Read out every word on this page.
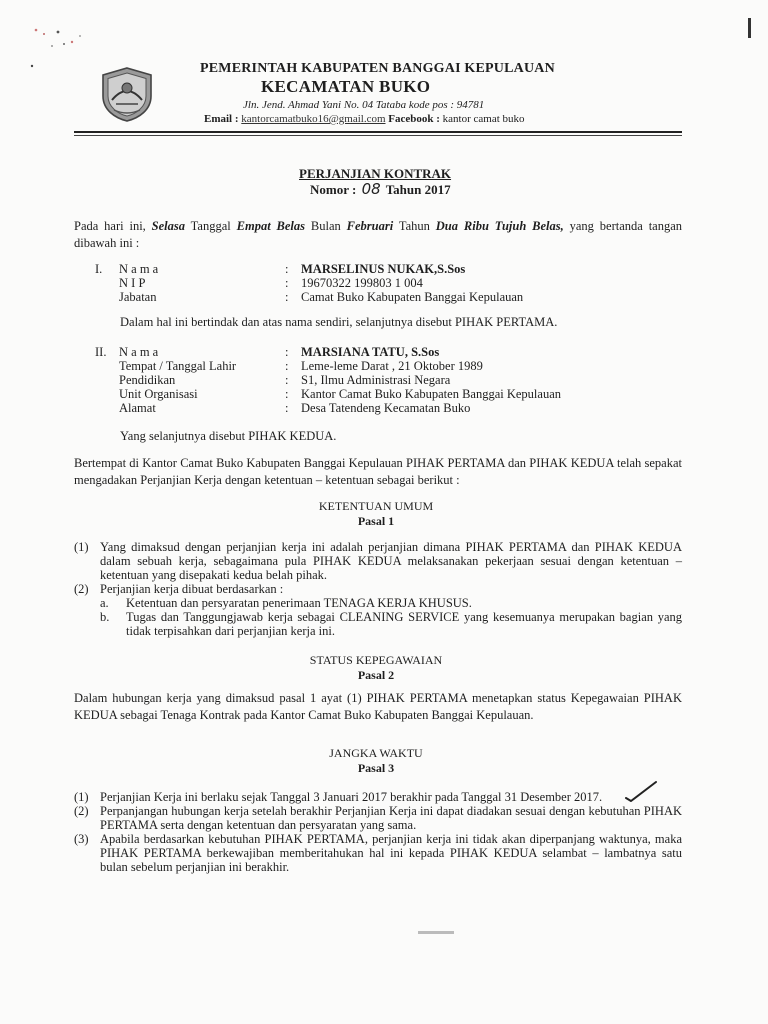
PEMERINTAH KABUPATEN BANGGAI KEPULAUAN
KECAMATAN BUKO
Jln. Jend. Ahmad Yani No. 04 Tataba kode pos : 94781
Email : kantorcamatbuko16@gmail.com Facebook : kantor camat buko
PERJANJIAN KONTRAK
Nomor : 08 Tahun 2017
Pada hari ini, Selasa Tanggal Empat Belas Bulan Februari Tahun Dua Ribu Tujuh Belas, yang bertanda tangan dibawah ini :
I.	N a m a	:	MARSELINUS NUKAK,S.Sos
	N I P	:	19670322 199803 1 004
	Jabatan	:	Camat Buko Kabupaten Banggai Kepulauan
Dalam hal ini bertindak dan atas nama sendiri, selanjutnya disebut PIHAK PERTAMA.
II.	N a m a	:	MARSIANA TATU, S.Sos
	Tempat / Tanggal Lahir	:	Leme-leme Darat , 21 Oktober 1989
	Pendidikan	:	S1, Ilmu Administrasi Negara
	Unit Organisasi	:	Kantor Camat Buko Kabupaten Banggai Kepulauan
	Alamat	:	Desa Tatendeng Kecamatan Buko
Yang selanjutnya disebut PIHAK KEDUA.
Bertempat di Kantor Camat Buko Kabupaten Banggai Kepulauan PIHAK PERTAMA dan PIHAK KEDUA telah sepakat mengadakan Perjanjian Kerja dengan ketentuan – ketentuan sebagai berikut :
KETENTUAN UMUM
Pasal 1
(1) Yang dimaksud dengan perjanjian kerja ini adalah perjanjian dimana PIHAK PERTAMA dan PIHAK KEDUA dalam sebuah kerja, sebagaimana pula PIHAK KEDUA melaksanakan pekerjaan sesuai dengan ketentuan – ketentuan yang disepakati kedua belah pihak.
(2) Perjanjian kerja dibuat berdasarkan :
a.	Ketentuan dan persyaratan penerimaan TENAGA KERJA KHUSUS.
b.	Tugas dan Tanggungjawab kerja sebagai CLEANING SERVICE yang kesemuanya merupakan bagian yang tidak terpisahkan dari perjanjian kerja ini.
STATUS KEPEGAWAIAN
Pasal 2
Dalam hubungan kerja yang dimaksud pasal 1 ayat (1) PIHAK PERTAMA menetapkan status Kepegawaian PIHAK KEDUA sebagai Tenaga Kontrak pada Kantor Camat Buko Kabupaten Banggai Kepulauan.
JANGKA WAKTU
Pasal 3
(1) Perjanjian Kerja ini berlaku sejak Tanggal 3 Januari 2017 berakhir pada Tanggal 31 Desember 2017.
(2) Perpanjangan hubungan kerja setelah berakhir Perjanjian Kerja ini dapat diadakan sesuai dengan kebutuhan PIHAK PERTAMA serta dengan ketentuan dan persyaratan yang sama.
(3) Apabila berdasarkan kebutuhan PIHAK PERTAMA, perjanjian kerja ini tidak akan diperpanjang waktunya, maka PIHAK PERTAMA berkewajiban memberitahukan hal ini kepada PIHAK KEDUA selambat – lambatnya satu bulan sebelum perjanjian ini berakhir.
